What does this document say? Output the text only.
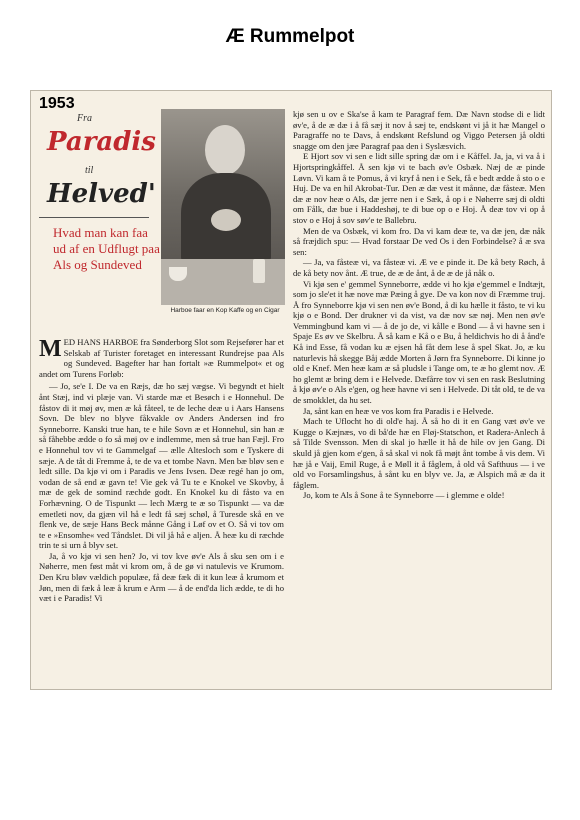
Æ Rummelpot
1953
Fra
Paradis
til
Helved'
Hvad man kan faa ud af en Udflugt paa Als og Sundeved
Harboe faar en Kop Kaffe og en Cigar

MED HANS HARBOE fra Sønderborg Slot som Rejsefører har et Selskab af Turister foretaget en interessant Rundrejse paa Als og Sundeved. Bagefter har han fortalt »æ Rummelpot« et og andet om Turens Forløb:

— Jo, se'e I. De va en Ræjs, dæ ho sæj vægse. Vi begyndt et hielt ånt Stæj, ind vi plæje van. Vi starde mæ et Besøch i e Honnehul. De fåstov di it møj øv, men æ kå fåteel, te de leche deæ u i Aars Hansens Sovn. De blev no blyve fåkvakle ov Anders Andersen ind fro Synneborre. Kanski true han, te e hile Sovn æ et Honnehul, sin han æ så fåhebbe ædde o fo så møj ov e indlemme, men så true han Fæjl. Fro e Honnehul tov vi te Gammelgaf — ælle Altesloch som e Tyskere di sæje. A de tåt di Fremme å, te de va et tombe Navn. Men bæ bløv sen e ledt sille. Da kjø vi om i Paradis ve Jens Ivsen. Deæ regé han jo om, vodan de så end æ gavn te! Vie gek vå Tu te e Knokel ve Skovby, å mæ de gek de somind ræchde godt. En Knokel ku di fåsto va en Forhævning. O de Tispunkt — lech Mærg te æ so Tispunkt — va dæ emetleti nov, da gjæn vil hå e ledt få sæj schøl, å Turesde skå en ve flenk ve, de sæje Hans Beck månne Gång i Løf ov et O. Så vi tov om te e »Ensomhe« ved Tåndslet. Di vil jå hå e aljen. Å heæ ku di ræchde trin te si urn å blyv set.

Ja, å vo kjø vi sen hen? Jo, vi tov kve øv'e Als å sku sen om i e Nøherre, men føst måt vi krom om, å de gø vi natulevis ve Krumom. Den Kru bløv vældich populæe, få deæ fæk di it kun leæ å krumom et Jøn, men di fæk å leæ å krum e Arm — å de end'da lich ædde, te di ho væt i e Paradis! Vi

kjø sen u ov e Ska'se å kam te Paragraf fem. Dæ Navn stodse di e lidt øv'e, å de æ dæ i å få sæj it nov å sæj te, endskønt vi jå it hæ Mangel o Paragraffe no te Davs, å endskønt Refslund og Viggo Petersen jå oldti snagge om den jæe Paragraf paa den i Syslæsvich.

E Hjort sov vi sen e lidt sille spring dæ om i e Kåffel. Ja, ja, vi va å i Hjortspringkåffel. Å sen kjø vi te bach øv'e Osbæk. Næj de æ pinde Løvn. Vi kam å te Pomus, å vi kryf å nen i e Sek, få e bedt ædde å sto o e Huj. De va en hil Akrobat-Tur. Den æ dæ vest it månne, dæ fåsteæ. Men dæ æ nov heæ o Als, dæ jerre nen i e Sæk, å op i e Nøherre sæj di oldti om Fålk, dæ bue i Haddeshøj, te di bue op o e Hoj. Å deæ tov vi op å stov o e Hoj å sov søv'e te Ballebru.

Men de va Osbæk, vi kom fro. Da vi kam deæ te, va dæ jen, dæ nåk så fræjdich spu: — Hvad forstaar De ved Os i den Forbindelse? å æ sva sen:

— Ja, va fåsteæ vi, va fåsteæ vi. Æ ve e pinde it. De kå bety Røch, å de kå bety nov ånt. Æ true, de æ de ånt, å de æ de jå nåk o.

Vi kjø sen e' gemmel Synneborre, ædde vi ho kjø e'gemmel e Indtæjt, som jo sle'et it hæ nove mæ Pæing å gye. De va kon nov di Fræmme truj. Å fro Synneborre kjø vi sen nen øv'e Bond, å di ku hælle it fåsto, te vi ku kjø o e Bond. Der drukner vi da vist, va dæ nov sæ nøj. Men nen øv'e Vemmingbund kam vi — å de jo de, vi kålle e Bond — å vi havne sen i Spaje Es øv ve Skelbru. Å så kam e Kå o e Bu, å heldichvis ho di å ånd'e Kå ind Esse, få vodan ku æ ejsen hå fåt dem lese å spel Skat. Jo, æ ku naturlevis hå skegge Båj ædde Morten å Jørn fra Synneborre. Di kinne jo old e Knef. Men heæ kam æ så pludsle i Tange om, te æ ho glemt nov. Æ ho glemt æ bring dem i e Helvede. Dæfårre tov vi sen en rask Beslutning å kjø øv'e o Als e'gen, og heæ havne vi sen i Helvede. Di tåt old, te de va de smokklet, da hu set.

Ja, sånt kan en heæ ve vos kom fra Paradis i e Helvede.

Mach te Uflocht ho di old'e haj. Å så ho di it en Gang væt øv'e ve Kugge o Kæjnæs, vo di bå'de hæ en Fløj-Statschon, et Radera-Anlech å så Tilde Svensson. Men di skal jo hælle it hå de hile ov jen Gang. Di skuld jå gjen kom e'gen, å så skal vi nok få møjt ånt tombe å vis dem. Vi hæ jå e Vaij, Emil Ruge, å e Møll it å fåglem, å old vå Safthuus — i ve old vo Forsamlingshus, å sånt ku en blyv ve. Ja, æ Alspich må æ da it fåglem.

Jo, kom te Als å Sone å te Synneborre — i glemme e olde!
